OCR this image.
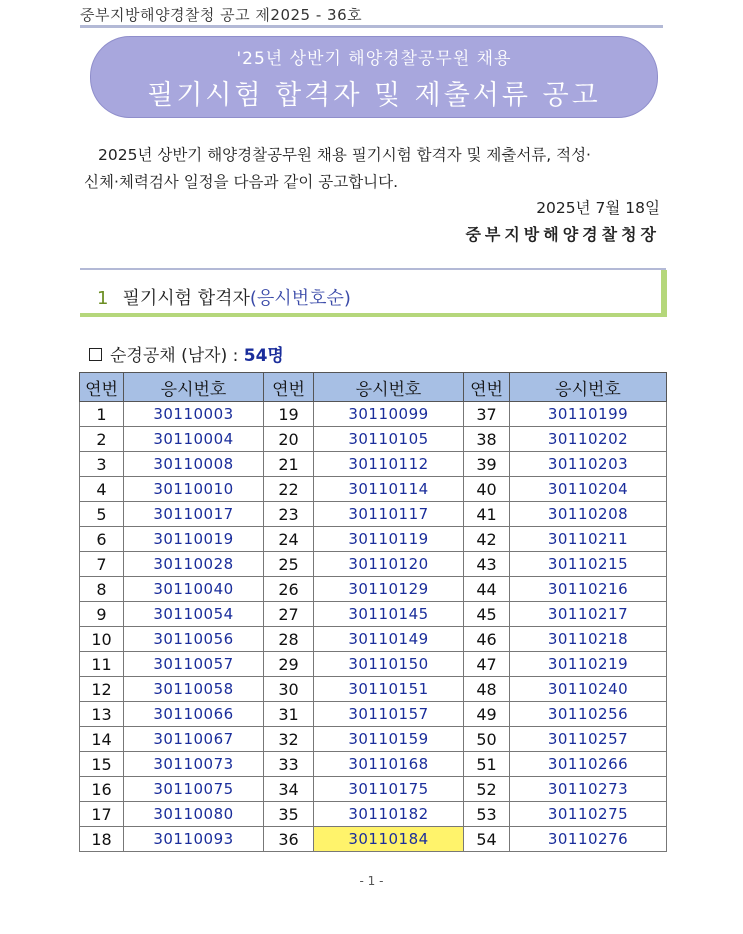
중부지방해양경찰청 공고 제2025 - 36호
'25년 상반기 해양경찰공무원 채용
필기시험 합격자 및 제출서류 공고

2025년 상반기 해양경찰공무원 채용 필기시험 합격자 및 제출서류, 적성·

신체·체력검사 일정을 다음과 같이 공고합니다.
2025년 7월 18일
중부지방해양경찰청장
1 필기시험 합격자(응시번호순)
순경공채 (남자) : 54명
연번	응시번호	연번	응시번호	연번	응시번호
1	30110003	19	30110099	37	30110199
2	30110004	20	30110105	38	30110202
3	30110008	21	30110112	39	30110203
4	30110010	22	30110114	40	30110204
5	30110017	23	30110117	41	30110208
6	30110019	24	30110119	42	30110211
7	30110028	25	30110120	43	30110215
8	30110040	26	30110129	44	30110216
9	30110054	27	30110145	45	30110217
10	30110056	28	30110149	46	30110218
11	30110057	29	30110150	47	30110219
12	30110058	30	30110151	48	30110240
13	30110066	31	30110157	49	30110256
14	30110067	32	30110159	50	30110257
15	30110073	33	30110168	51	30110266
16	30110075	34	30110175	52	30110273
17	30110080	35	30110182	53	30110275
18	30110093	36	30110184	54	30110276
- 1 -
